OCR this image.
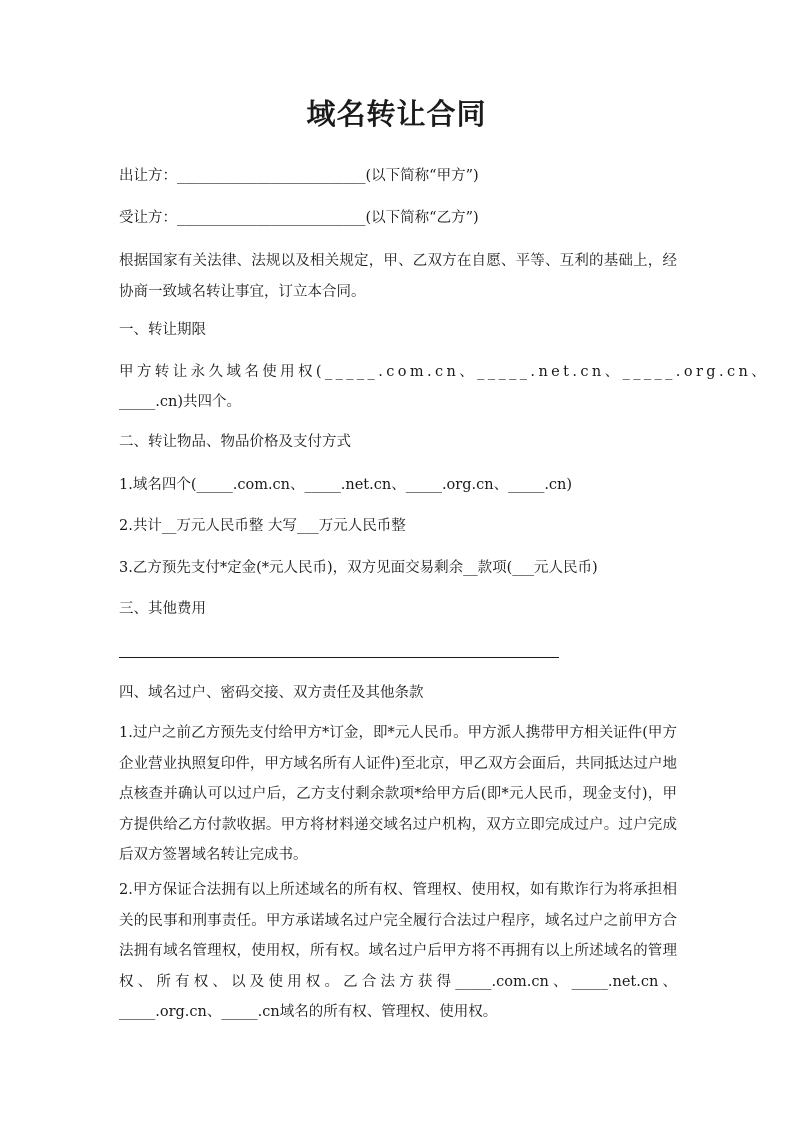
域名转让合同
出让方：__________________________(以下简称“甲方”)
受让方：__________________________(以下简称“乙方”)
根据国家有关法律、法规以及相关规定，甲、乙双方在自愿、平等、互利的基础上，经协商一致域名转让事宜，订立本合同。
一、转让期限
甲方转让永久域名使用权(_____.com.cn、_____.net.cn、_____.org.cn、
_____.cn)共四个。
二、转让物品、物品价格及支付方式
1.域名四个(_____.com.cn、_____.net.cn、_____.org.cn、_____.cn)
2.共计__万元人民币整 大写___万元人民币整
3.乙方预先支付*定金(*元人民币)，双方见面交易剩余__款项(___元人民币)
三、其他费用
四、域名过户、密码交接、双方责任及其他条款
1.过户之前乙方预先支付给甲方*订金，即*元人民币。甲方派人携带甲方相关证件(甲方企业营业执照复印件，甲方域名所有人证件)至北京，甲乙双方会面后，共同抵达过户地点核查并确认可以过户后，乙方支付剩余款项*给甲方后(即*元人民币，现金支付)，甲方提供给乙方付款收据。甲方将材料递交域名过户机构，双方立即完成过户。过户完成后双方签署域名转让完成书。
2.甲方保证合法拥有以上所述域名的所有权、管理权、使用权，如有欺诈行为将承担相关的民事和刑事责任。甲方承诺域名过户完全履行合法过户程序，域名过户之前甲方合法拥有域名管理权，使用权，所有权。域名过户后甲方将不再拥有以上所述域名的管理权、所有权、以及使用权。乙合法方获得_____.com.cn、_____.net.cn、_____.org.cn、_____.cn域名的所有权、管理权、使用权。
